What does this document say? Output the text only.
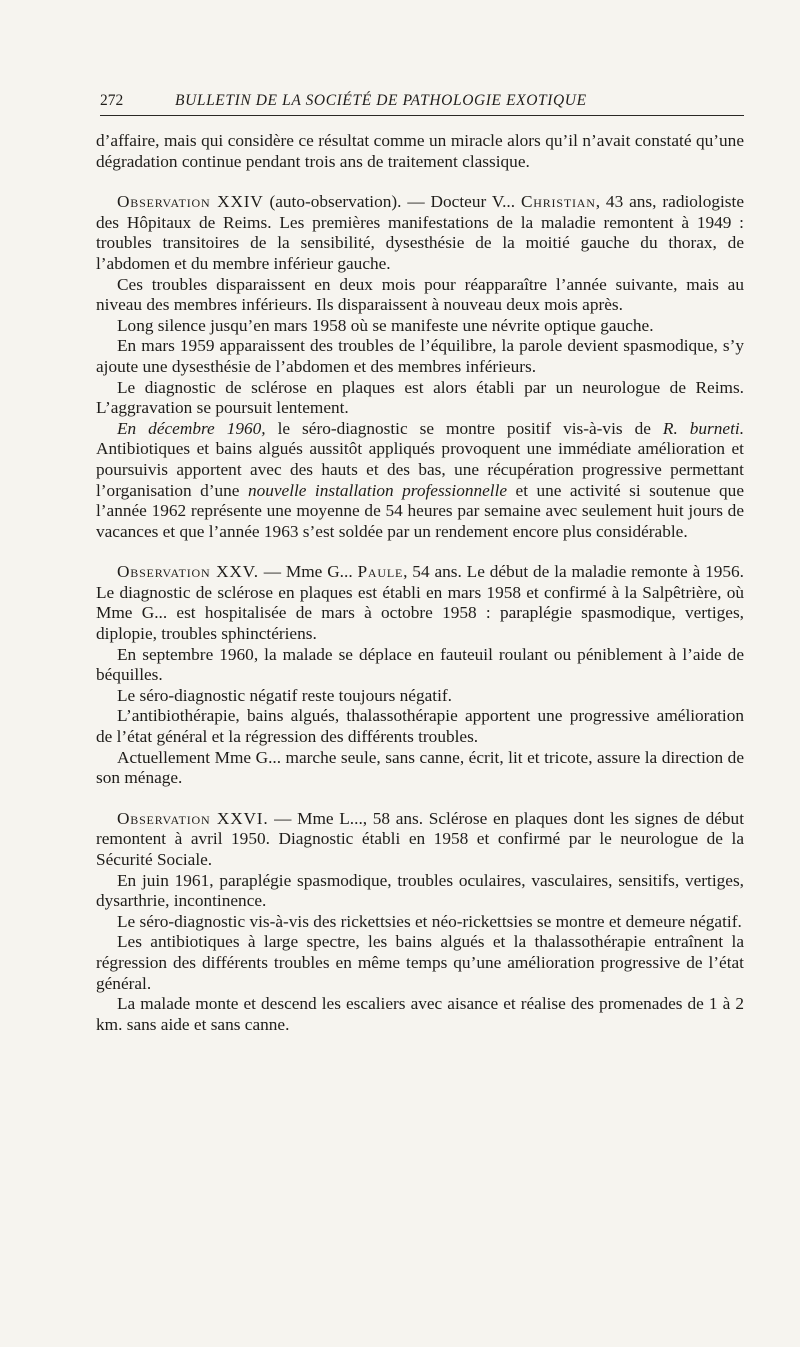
272	BULLETIN DE LA SOCIÉTÉ DE PATHOLOGIE EXOTIQUE

d’affaire, mais qui considère ce résultat comme un miracle alors qu’il n’avait constaté qu’une dégradation continue pendant trois ans de traitement classique.

Observation XXIV (auto-observation). — Docteur V... Christian, 43 ans, radiologiste des Hôpitaux de Reims. Les premières manifestations de la maladie remontent à 1949 : troubles transitoires de la sensibilité, dysesthésie de la moitié gauche du thorax, de l’abdomen et du membre inférieur gauche.

Ces troubles disparaissent en deux mois pour réapparaître l’année suivante, mais au niveau des membres inférieurs. Ils disparaissent à nouveau deux mois après.

Long silence jusqu’en mars 1958 où se manifeste une névrite optique gauche.

En mars 1959 apparaissent des troubles de l’équilibre, la parole devient spasmodique, s’y ajoute une dysesthésie de l’abdomen et des membres inférieurs.

Le diagnostic de sclérose en plaques est alors établi par un neurologue de Reims. L’aggravation se poursuit lentement.

En décembre 1960, le séro-diagnostic se montre positif vis-à-vis de R. burneti. Antibiotiques et bains algués aussitôt appliqués provoquent une immédiate amélioration et poursuivis apportent avec des hauts et des bas, une récupération progressive permettant l’organisation d’une nouvelle installation professionnelle et une activité si soutenue que l’année 1962 représente une moyenne de 54 heures par semaine avec seulement huit jours de vacances et que l’année 1963 s’est soldée par un rendement encore plus considérable.

Observation XXV. — Mme G... Paule, 54 ans. Le début de la maladie remonte à 1956. Le diagnostic de sclérose en plaques est établi en mars 1958 et confirmé à la Salpêtrière, où Mme G... est hospitalisée de mars à octobre 1958 : paraplégie spasmodique, vertiges, diplopie, troubles sphinctériens.

En septembre 1960, la malade se déplace en fauteuil roulant ou péniblement à l’aide de béquilles.

Le séro-diagnostic négatif reste toujours négatif.

L’antibiothérapie, bains algués, thalassothérapie apportent une progressive amélioration de l’état général et la régression des différents troubles.

Actuellement Mme G... marche seule, sans canne, écrit, lit et tricote, assure la direction de son ménage.

Observation XXVI. — Mme L..., 58 ans. Sclérose en plaques dont les signes de début remontent à avril 1950. Diagnostic établi en 1958 et confirmé par le neurologue de la Sécurité Sociale.

En juin 1961, paraplégie spasmodique, troubles oculaires, vasculaires, sensitifs, vertiges, dysarthrie, incontinence.

Le séro-diagnostic vis-à-vis des rickettsies et néo-rickettsies se montre et demeure négatif.

Les antibiotiques à large spectre, les bains algués et la thalassothérapie entraînent la régression des différents troubles en même temps qu’une amélioration progressive de l’état général.

La malade monte et descend les escaliers avec aisance et réalise des promenades de 1 à 2 km. sans aide et sans canne.
